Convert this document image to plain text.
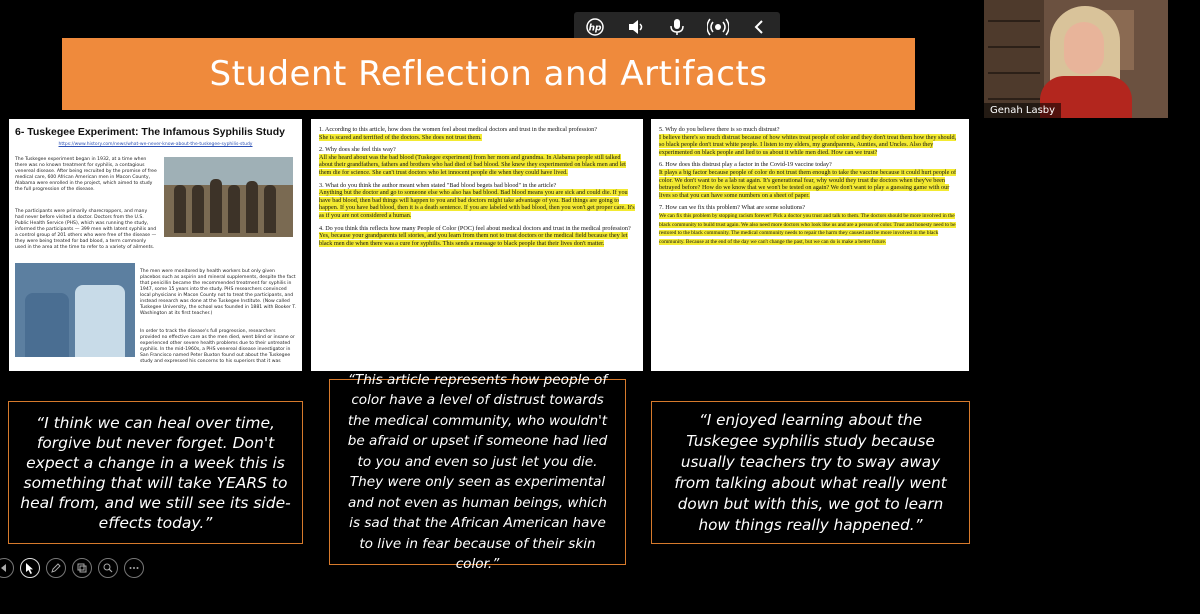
hp
Student Reflection and Artifacts
Genah Lasby
6- Tuskegee Experiment: The Infamous Syphilis Study
https://www.history.com/news/what-we-never-know-about-the-tuskegee-syphilis-study
The Tuskegee experiment began in 1932, at a time when there was no known treatment for syphilis, a contagious venereal disease. After being recruited by the promise of free medical care, 600 African American men in Macon County, Alabama were enrolled in the project, which aimed to study the full progression of the disease.
The participants were primarily sharecroppers, and many had never before visited a doctor. Doctors from the U.S. Public Health Service (PHS), which was running the study, informed the participants — 399 men with latent syphilis and a control group of 201 others who were free of the disease — they were being treated for bad blood, a term commonly used in the area at the time to refer to a variety of ailments.
The men were monitored by health workers but only given placebos such as aspirin and mineral supplements, despite the fact that penicillin became the recommended treatment for syphilis in 1947, some 15 years into the study. PHS researchers convinced local physicians in Macon County not to treat the participants, and instead research was done at the Tuskegee Institute. (Now called Tuskegee University, the school was founded in 1881 with Booker T. Washington at its first teacher.)
In order to track the disease's full progression, researchers provided no effective care as the men died, went blind or insane or experienced other severe health problems due to their untreated syphilis. In the mid-1960s, a PHS venereal disease investigator in San Francisco named Peter Buxton found out about the Tuskegee study and expressed his concerns to his superiors that it was
1. According to this article, how does the women feel about medical doctors and trust in the medical profession?
She is scared and terrified of the doctors. She does not trust them.
2. Why does she feel this way?
All she heard about was the bad blood (Tuskegee experiment) from her mom and grandma. In Alabama people still talked about their grandfathers, fathers and brothers who had died of bad blood. She knew they experimented on black men and let them die for science. She can't trust doctors who let innocent people die when they could have lived.
3. What do you think the author meant when stated "Bad blood begets bad blood" in the article?
Anything but the doctor and go to someone else who also has bad blood. Bad blood means you are sick and could die. If you have bad blood, then bad things will happen to you and bad doctors might take advantage of you. Bad things are going to happen. If you have bad blood, then it is a death sentence. If you are labeled with bad blood, then you won't get proper care. It's as if you are not considered a human.
4. Do you think this reflects how many People of Color (POC) feel about medical doctors and trust in the medical profession?
Yes, because your grandparents tell stories, and you learn from them not to trust doctors or the medical field because they let black men die when there was a cure for syphilis. This sends a message to black people that their lives don't matter.
5. Why do you believe there is so much distrust?
I believe there's so much distrust because of how whites treat people of color and they don't treat them how they should, so black people don't trust white people. I listen to my elders, my grandparents, Aunties, and Uncles. Also they experimented on black people and lied to us about it while men died. How can we trust?
6. How does this distrust play a factor in the Covid-19 vaccine today?
It plays a big factor because people of color do not trust them enough to take the vaccine because it could hurt people of color. We don't want to be a lab rat again. It's generational fear, why would they trust the doctors when they've been betrayed before? How do we know that we won't be tested on again? We don't want to play a guessing game with our lives so that you can have some numbers on a sheet of paper.
7. How can we fix this problem? What are some solutions?
We can fix this problem by stopping racism forever! Pick a doctor you trust and talk to them. The doctors should be more involved in the black community to build trust again. We also need more doctors who look like us and are a person of color. Trust and honesty need to be restored to the black community. The medical community needs to repair the harm they caused and be more involved in the black community. Because at the end of the day we can't change the past, but we can do is make a better future.
“I think we can heal over time, forgive but never forget. Don't expect a change in a week this is something that will take YEARS to heal from, and we still see its side-effects today.”
“This article represents how people of color have a level of distrust towards the medical community, who wouldn't be afraid or upset if someone had lied to you and even so just let you die. They were only seen as experimental and not even as human beings, which is sad that the African American have to live in fear because of their skin color.”
“I enjoyed learning about the Tuskegee syphilis study because usually teachers try to sway away from talking about what really went down but with this, we got to learn how things really happened.”
